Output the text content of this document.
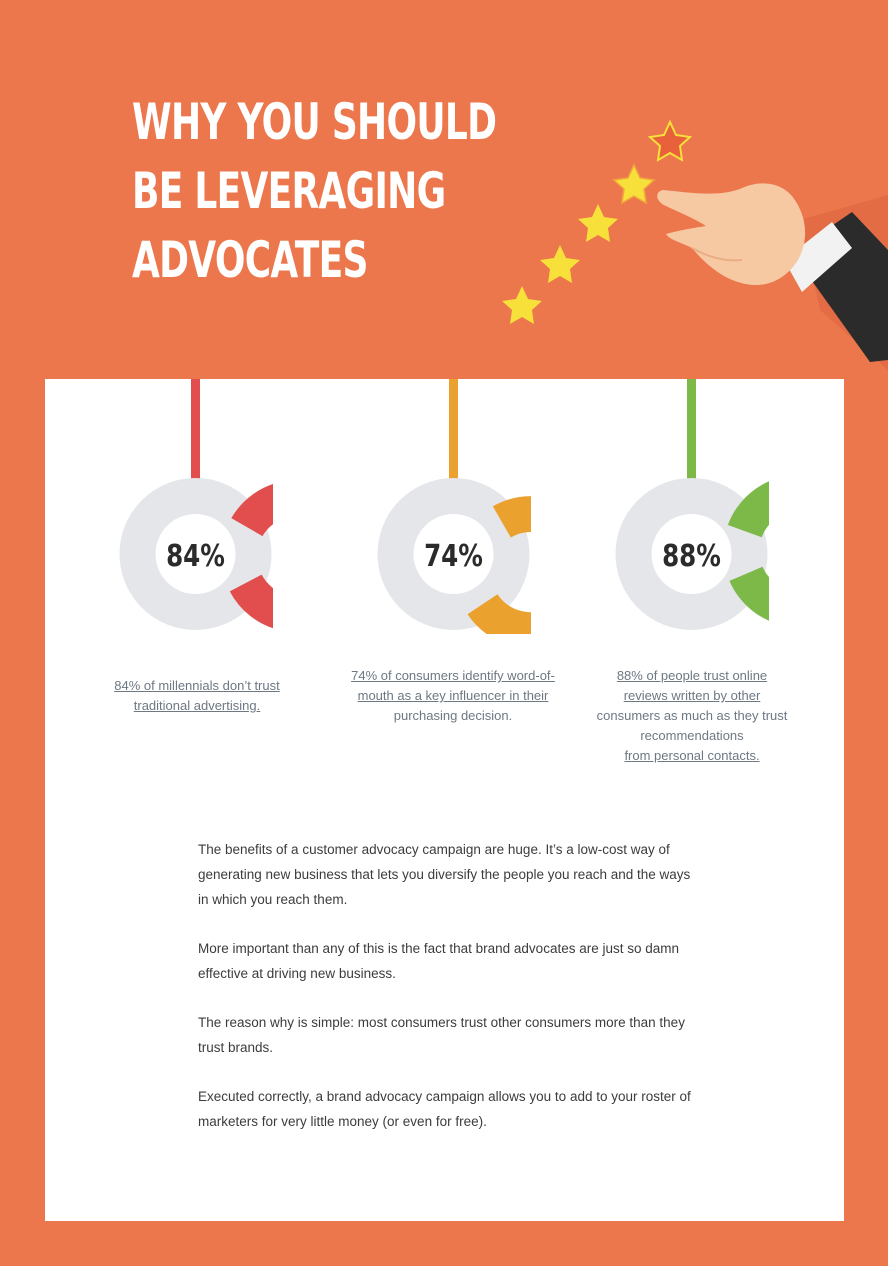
WHY YOU SHOULD
BE LEVERAGING
ADVOCATES
84%	74%	88%
84% of millennials don’t trust
traditional advertising.
74% of consumers identify word-of-
mouth as a key influencer in their
purchasing decision.
88% of people trust online
reviews written by other
consumers as much as they trust
recommendations
from personal contacts.

The benefits of a customer advocacy campaign are huge. It’s a low-cost way of
generating new business that lets you diversify the people you reach and the ways
in which you reach them.

More important than any of this is the fact that brand advocates are just so damn
effective at driving new business.

The reason why is simple: most consumers trust other consumers more than they
trust brands.

Executed correctly, a brand advocacy campaign allows you to add to your roster of
marketers for very little money (or even for free).
